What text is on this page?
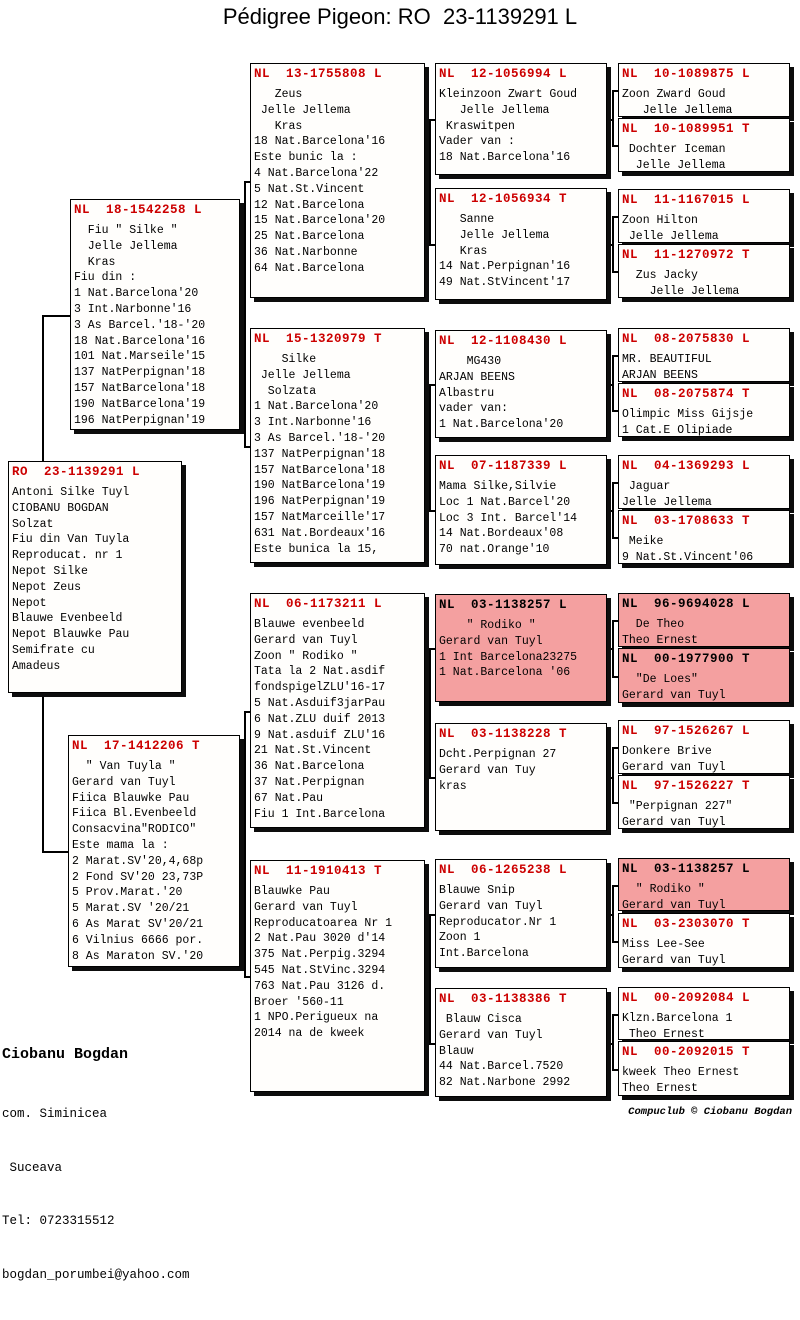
Pédigree Pigeon: RO  23-1139291 L
RO  23-1139291 L
Antoni Silke Tuyl
CIOBANU BOGDAN
Solzat
Fiu din Van Tuyla
Reproducat. nr 1
Nepot Silke
Nepot Zeus
Nepot
Blauwe Evenbeeld
Nepot Blauwke Pau
Semifrate cu
Amadeus
NL  18-1542258 L
Fiu " Silke "
Jelle Jellema
Kras
Fiu din :
1 Nat.Barcelona'20
3 Int.Narbonne'16
3 As Barcel.'18-'20
18 Nat.Barcelona'16
101 Nat.Marseile'15
137 NatPerpignan'18
157 NatBarcelona'18
190 NatBarcelona'19
196 NatPerpignan'19
NL  17-1412206 T
" Van Tuyla "
Gerard van Tuyl
Fiica Blauwke Pau
Fiica Bl.Evenbeeld
Consacvina"RODICO"
Este mama la :
2 Marat.SV'20,4,68p
2 Fond SV'20 23,73P
5 Prov.Marat.'20
5 Marat.SV '20/21
6 As Marat SV'20/21
6 Vilnius 6666 por.
8 As Maraton SV.'20
NL  13-1755808 L
Zeus
Jelle Jellema
Kras
18 Nat.Barcelona'16
Este bunic la :
4 Nat.Barcelona'22
5 Nat.St.Vincent
12 Nat.Barcelona
15 Nat.Barcelona'20
25 Nat.Barcelona
36 Nat.Narbonne
64 Nat.Barcelona
NL  15-1320979 T
Silke
Jelle Jellema
Solzata
1 Nat.Barcelona'20
3 Int.Narbonne'16
3 As Barcel.'18-'20
137 NatPerpignan'18
157 NatBarcelona'18
190 NatBarcelona'19
196 NatPerpignan'19
157 NatMarceille'17
631 Nat.Bordeaux'16
Este bunica la 15,
NL  06-1173211 L
Blauwe evenbeeld
Gerard van Tuyl
Zoon " Rodiko "
Tata la 2 Nat.asdif
fondspigelZLU'16-17
5 Nat.Asduif3jarPau
6 Nat.ZLU duif 2013
9 Nat.asduif ZLU'16
21 Nat.St.Vincent
36 Nat.Barcelona
37 Nat.Perpignan
67 Nat.Pau
Fiu 1 Int.Barcelona
NL  11-1910413 T
Blauwke Pau
Gerard van Tuyl
Reproducatoarea Nr 1
2 Nat.Pau 3020 d'14
375 Nat.Perpig.3294
545 Nat.StVinc.3294
763 Nat.Pau 3126 d.
Broer '560-11
1 NPO.Perigueux na
2014 na de kweek
NL  12-1056994 L
Kleinzoon Zwart Goud
Jelle Jellema
Kraswitpen
Vader van :
18 Nat.Barcelona'16
NL  12-1056934 T
Sanne
Jelle Jellema
Kras
14 Nat.Perpignan'16
49 Nat.StVincent'17
NL  12-1108430 L
MG430
ARJAN BEENS
Albastru
vader van:
1 Nat.Barcelona'20
NL  07-1187339 L
Mama Silke,Silvie
Loc 1 Nat.Barcel'20
Loc 3 Int. Barcel'14
14 Nat.Bordeaux'08
70 nat.Orange'10
NL  03-1138257 L
" Rodiko "
Gerard van Tuyl
1 Int Barcelona23275
1 Nat.Barcelona '06
NL  03-1138228 T
Dcht.Perpignan 27
Gerard van Tuy
kras
NL  06-1265238 L
Blauwe Snip
Gerard van Tuyl
Reproducator.Nr 1
Zoon 1
Int.Barcelona
NL  03-1138386 T
Blauw Cisca
Gerard van Tuyl
Blauw
44 Nat.Barcel.7520
82 Nat.Narbone 2992
NL  10-1089875 L
Zoon Zward Goud
Jelle Jellema
NL  10-1089951 T
Dochter Iceman
Jelle Jellema
NL  11-1167015 L
Zoon Hilton
Jelle Jellema
NL  11-1270972 T
Zus Jacky
Jelle Jellema
NL  08-2075830 L
MR. BEAUTIFUL
ARJAN BEENS
NL  08-2075874 T
Olimpic Miss Gijsje
1 Cat.E Olipiade
NL  04-1369293 L
Jaguar
Jelle Jellema
NL  03-1708633 T
Meike
9 Nat.St.Vincent'06
NL  96-9694028 L
De Theo
Theo Ernest
NL  00-1977900 T
"De Loes"
Gerard van Tuyl
NL  97-1526267 L
Donkere Brive
Gerard van Tuyl
NL  97-1526227 T
"Perpignan 227"
Gerard van Tuyl
NL  03-1138257 L
" Rodiko "
Gerard van Tuyl
NL  03-2303070 T
Miss Lee-See
Gerard van Tuyl
NL  00-2092084 L
Klzn.Barcelona 1
Theo Ernest
NL  00-2092015 T
kweek Theo Ernest
Theo Ernest

Ciobanu Bogdan

com. Siminicea

Suceava

Tel: 0723315512

bogdan_porumbei@yahoo.com

Compuclub © Ciobanu Bogdan
